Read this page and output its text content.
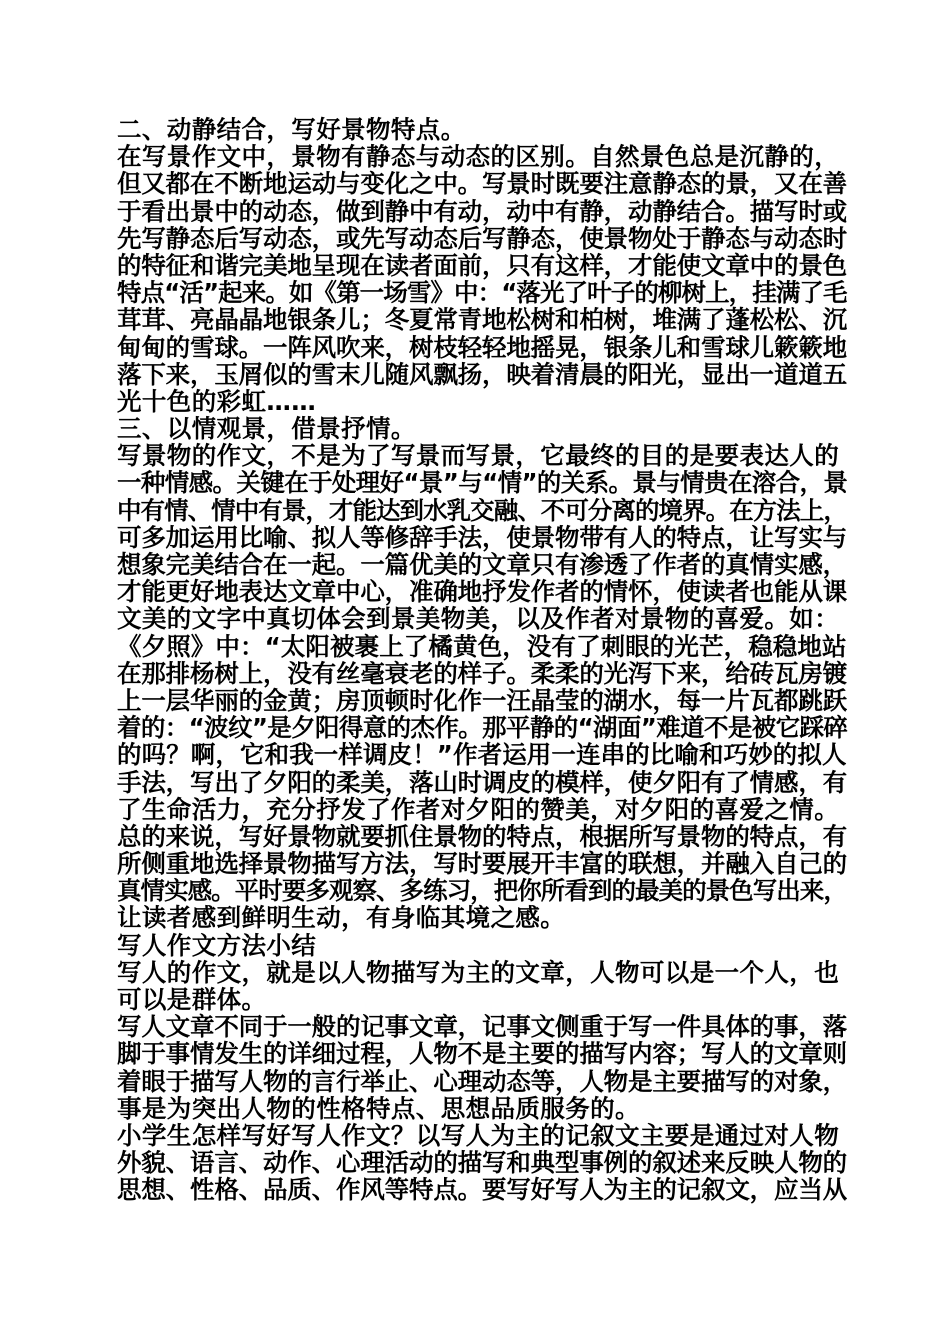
二、动静结合，写好景物特点。
在写景作文中，景物有静态与动态的区别。自然景色总是沉静的，
但又都在不断地运动与变化之中。写景时既要注意静态的景，又在善
于看出景中的动态，做到静中有动，动中有静，动静结合。描写时或
先写静态后写动态，或先写动态后写静态，使景物处于静态与动态时
的特征和谐完美地呈现在读者面前，只有这样，才能使文章中的景色
特点“活”起来。如《第一场雪》中：“落光了叶子的柳树上，挂满了毛
茸茸、亮晶晶地银条儿；冬夏常青地松树和柏树，堆满了蓬松松、沉
甸甸的雪球。一阵风吹来，树枝轻轻地摇晃，银条儿和雪球儿簌簌地
落下来，玉屑似的雪末儿随风飘扬，映着清晨的阳光，显出一道道五
光十色的彩虹……
三、以情观景，借景抒情。
写景物的作文，不是为了写景而写景，它最终的目的是要表达人的
一种情感。关键在于处理好“景”与“情”的关系。景与情贵在溶合，景
中有情、情中有景，才能达到水乳交融、不可分离的境界。在方法上，
可多加运用比喻、拟人等修辞手法，使景物带有人的特点，让写实与
想象完美结合在一起。一篇优美的文章只有渗透了作者的真情实感，
才能更好地表达文章中心，准确地抒发作者的情怀，使读者也能从课
文美的文字中真切体会到景美物美，以及作者对景物的喜爱。如：
《夕照》中：“太阳被裹上了橘黄色，没有了刺眼的光芒，稳稳地站
在那排杨树上，没有丝毫衰老的样子。柔柔的光泻下来，给砖瓦房镀
上一层华丽的金黄；房顶顿时化作一汪晶莹的湖水，每一片瓦都跳跃
着的：“波纹”是夕阳得意的杰作。那平静的“湖面”难道不是被它踩碎
的吗？啊，它和我一样调皮！”作者运用一连串的比喻和巧妙的拟人
手法，写出了夕阳的柔美，落山时调皮的模样，使夕阳有了情感，有
了生命活力，充分抒发了作者对夕阳的赞美，对夕阳的喜爱之情。
总的来说，写好景物就要抓住景物的特点，根据所写景物的特点，有
所侧重地选择景物描写方法，写时要展开丰富的联想，并融入自己的
真情实感。平时要多观察、多练习，把你所看到的最美的景色写出来，
让读者感到鲜明生动，有身临其境之感。
写人作文方法小结
写人的作文，就是以人物描写为主的文章，人物可以是一个人，也
可以是群体。
写人文章不同于一般的记事文章，记事文侧重于写一件具体的事，落
脚于事情发生的详细过程，人物不是主要的描写内容；写人的文章则
着眼于描写人物的言行举止、心理动态等，人物是主要描写的对象，
事是为突出人物的性格特点、思想品质服务的。
小学生怎样写好写人作文？以写人为主的记叙文主要是通过对人物
外貌、语言、动作、心理活动的描写和典型事例的叙述来反映人物的
思想、性格、品质、作风等特点。要写好写人为主的记叙文，应当从
